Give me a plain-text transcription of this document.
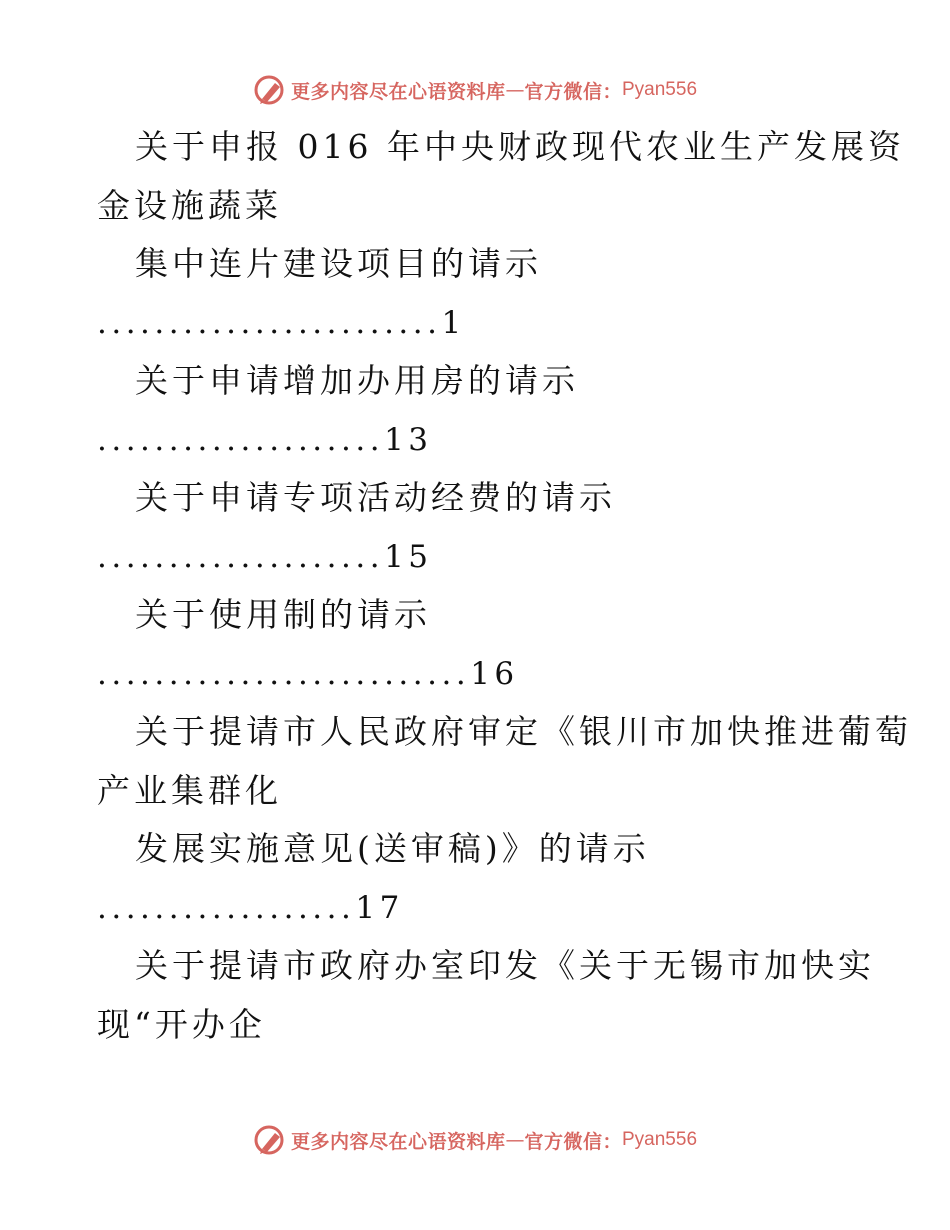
更多内容尽在心语资料库 — 官方微信： Pyan556
关于申报 016 年中央财政现代农业生产发展资
金设施蔬菜
集中连片建设项目的请示
........................1
关于申请增加办用房的请示
....................13
关于申请专项活动经费的请示
....................15
关于使用制的请示
..........................16
关于提请市人民政府审定《银川市加快推进葡萄
产业集群化
发展实施意见(送审稿)》的请示
..................17
关于提请市政府办室印发《关于无锡市加快实
现“开办企
更多内容尽在心语资料库 — 官方微信： Pyan556
